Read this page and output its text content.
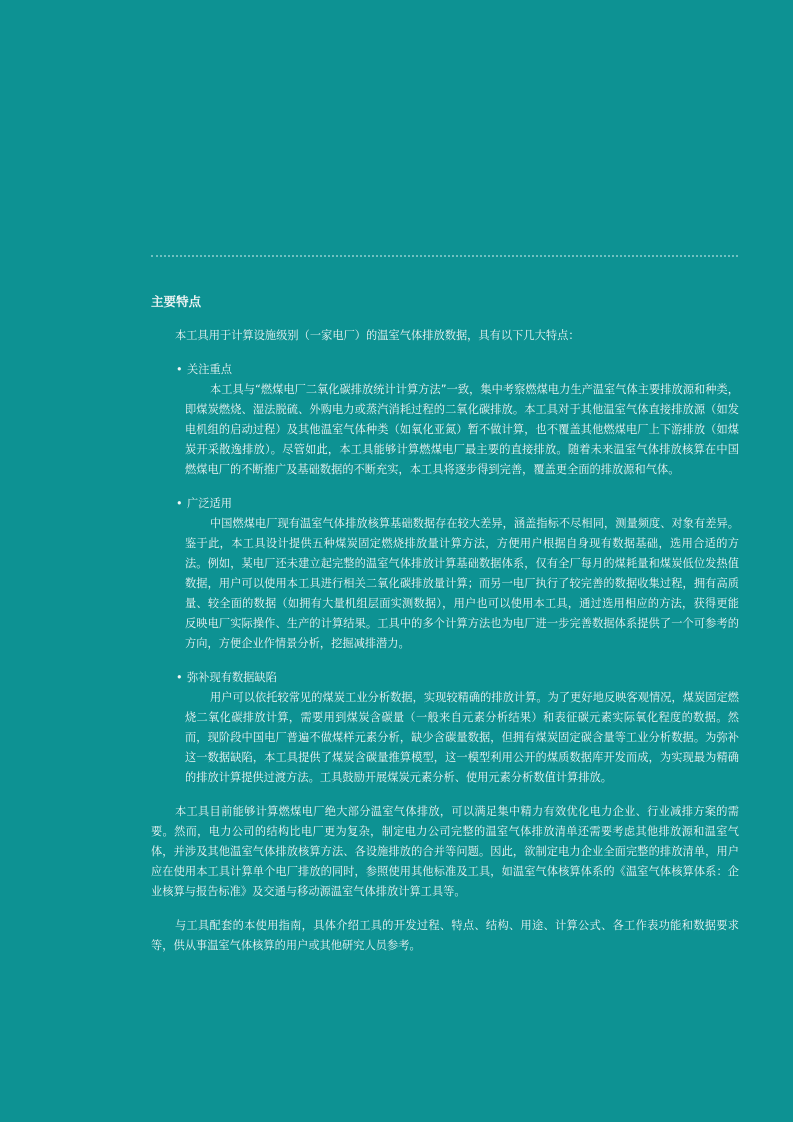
主要特点

本工具用于计算设施级别（一家电厂）的温室气体排放数据，具有以下几大特点：

• 关注重点

本工具与“燃煤电厂二氧化碳排放统计计算方法”一致，集中考察燃煤电力生产温室气体主要排放源和种类，即煤炭燃烧、湿法脱硫、外购电力或蒸汽消耗过程的二氧化碳排放。本工具对于其他温室气体直接排放源（如发电机组的启动过程）及其他温室气体种类（如氧化亚氮）暂不做计算，也不覆盖其他燃煤电厂上下游排放（如煤炭开采散逸排放）。尽管如此，本工具能够计算燃煤电厂最主要的直接排放。随着未来温室气体排放核算在中国燃煤电厂的不断推广及基础数据的不断充实，本工具将逐步得到完善，覆盖更全面的排放源和气体。

• 广泛适用

中国燃煤电厂现有温室气体排放核算基础数据存在较大差异，涵盖指标不尽相同，测量频度、对象有差异。鉴于此，本工具设计提供五种煤炭固定燃烧排放量计算方法，方便用户根据自身现有数据基础，选用合适的方法。例如，某电厂还未建立起完整的温室气体排放计算基础数据体系，仅有全厂每月的煤耗量和煤炭低位发热值数据，用户可以使用本工具进行相关二氧化碳排放量计算；而另一电厂执行了较完善的数据收集过程，拥有高质量、较全面的数据（如拥有大量机组层面实测数据），用户也可以使用本工具，通过选用相应的方法，获得更能反映电厂实际操作、生产的计算结果。工具中的多个计算方法也为电厂进一步完善数据体系提供了一个可参考的方向，方便企业作情景分析，挖掘减排潜力。

• 弥补现有数据缺陷

用户可以依托较常见的煤炭工业分析数据，实现较精确的排放计算。为了更好地反映客观情况，煤炭固定燃烧二氧化碳排放计算，需要用到煤炭含碳量（一般来自元素分析结果）和表征碳元素实际氧化程度的数据。然而，现阶段中国电厂普遍不做煤样元素分析，缺少含碳量数据，但拥有煤炭固定碳含量等工业分析数据。为弥补这一数据缺陷，本工具提供了煤炭含碳量推算模型，这一模型利用公开的煤质数据库开发而成，为实现最为精确的排放计算提供过渡方法。工具鼓励开展煤炭元素分析、使用元素分析数值计算排放。

本工具目前能够计算燃煤电厂绝大部分温室气体排放，可以满足集中精力有效优化电力企业、行业减排方案的需要。然而，电力公司的结构比电厂更为复杂，制定电力公司完整的温室气体排放清单还需要考虑其他排放源和温室气体，并涉及其他温室气体排放核算方法、各设施排放的合并等问题。因此，欲制定电力企业全面完整的排放清单，用户应在使用本工具计算单个电厂排放的同时，参照使用其他标准及工具，如温室气体核算体系的《温室气体核算体系：企业核算与报告标准》及交通与移动源温室气体排放计算工具等。

与工具配套的本使用指南，具体介绍工具的开发过程、特点、结构、用途、计算公式、各工作表功能和数据要求等，供从事温室气体核算的用户或其他研究人员参考。
